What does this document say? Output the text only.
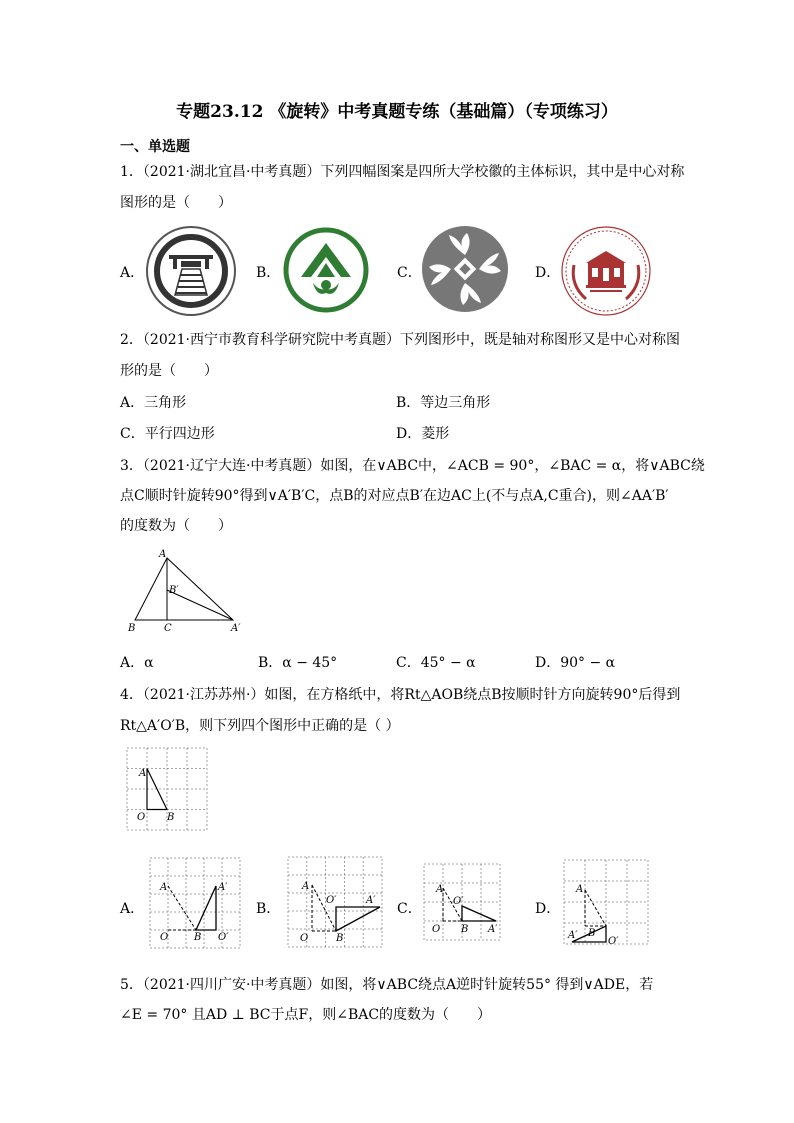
专题23.12 《旋转》中考真题专练（基础篇）（专项练习）
一、单选题
1．（2021·湖北宜昌·中考真题）下列四幅图案是四所大学校徽的主体标识，其中是中心对称
图形的是（　　）
A．	B．	C．	D．
2．（2021·西宁市教育科学研究院中考真题）下列图形中，既是轴对称图形又是中心对称图
形的是（　　）
A．三角形	B．等边三角形
C．平行四边形	D．菱形
3．（2021·辽宁大连·中考真题）如图，在∨ABC中，∠ACB = 90°，∠BAC = α，将∨ABC绕
点C顺时针旋转90°得到∨A′B′C，点B的对应点B′在边AC上(不与点A,C重合)，则∠AA′B′
的度数为（　　）
A
B′
B	C	A′
A．α	B．α − 45°	C．45° − α	D．90° − α
4．（2021·江苏苏州·）如图，在方格纸中，将Rt△AOB绕点B按顺时针方向旋转90°后得到
Rt△A′O′B，则下列四个图形中正确的是（ ）
A
O B
A．
A
O	B
A′
O′
B．
A
O	B
O′	A′
C．
A
O B
O′
A′
D．
A
A′ B
O′
5．（2021·四川广安·中考真题）如图，将∨ABC绕点A逆时针旋转55° 得到∨ADE，若
∠E = 70° 且AD ⊥ BC于点F，则∠BAC的度数为（　　）
